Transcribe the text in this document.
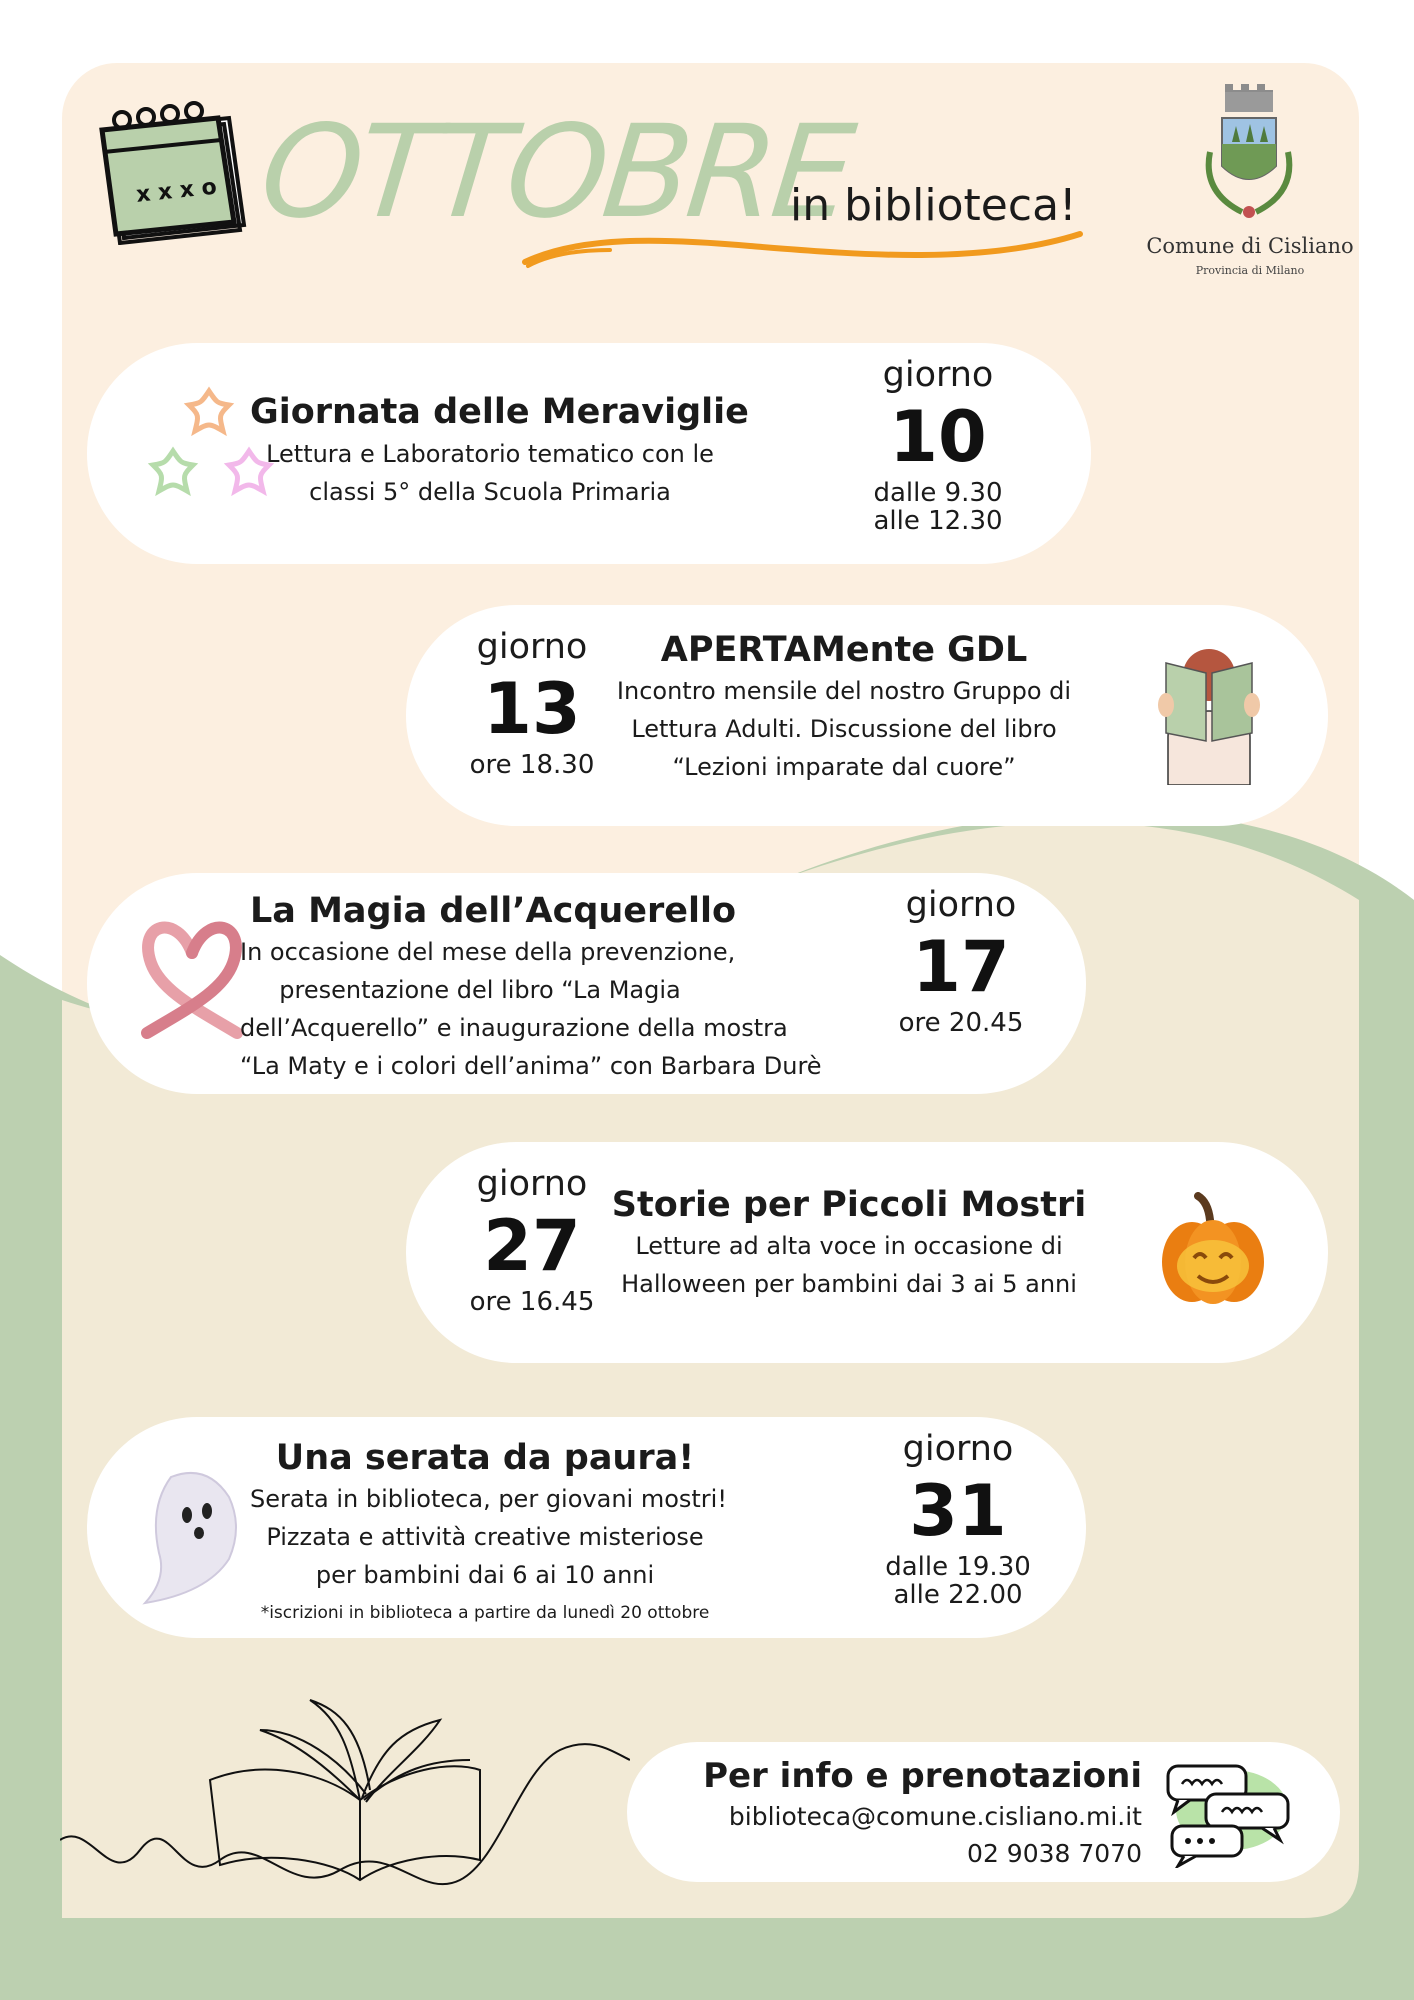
x x x o OTTOBRE
in biblioteca!
Comune di Cisliano
Provincia di Milano
Giornata delle Meraviglie
Lettura e Laboratorio tematico con le
classi 5° della Scuola Primaria
giorno
10
dalle 9.30
alle 12.30
giorno
13
ore 18.30
APERTAMente GDL
Incontro mensile del nostro Gruppo di
Lettura Adulti. Discussione del libro
“Lezioni imparate dal cuore”
La Magia dell’Acquerello
In occasione del mese della prevenzione,
presentazione del libro “La Magia
dell’Acquerello” e inaugurazione della mostra
“La Maty e i colori dell’anima” con Barbara Durè
giorno
17
ore 20.45
giorno
27
ore 16.45
Storie per Piccoli Mostri
Letture ad alta voce in occasione di
Halloween per bambini dai 3 ai 5 anni
Una serata da paura!
Serata in biblioteca, per giovani mostri!
Pizzata e attività creative misteriose
per bambini dai 6 ai 10 anni
*iscrizioni in biblioteca a partire da lunedì 20 ottobre
giorno
31
dalle 19.30
alle 22.00
Per info e prenotazioni
biblioteca@comune.cisliano.mi.it
02 9038 7070
